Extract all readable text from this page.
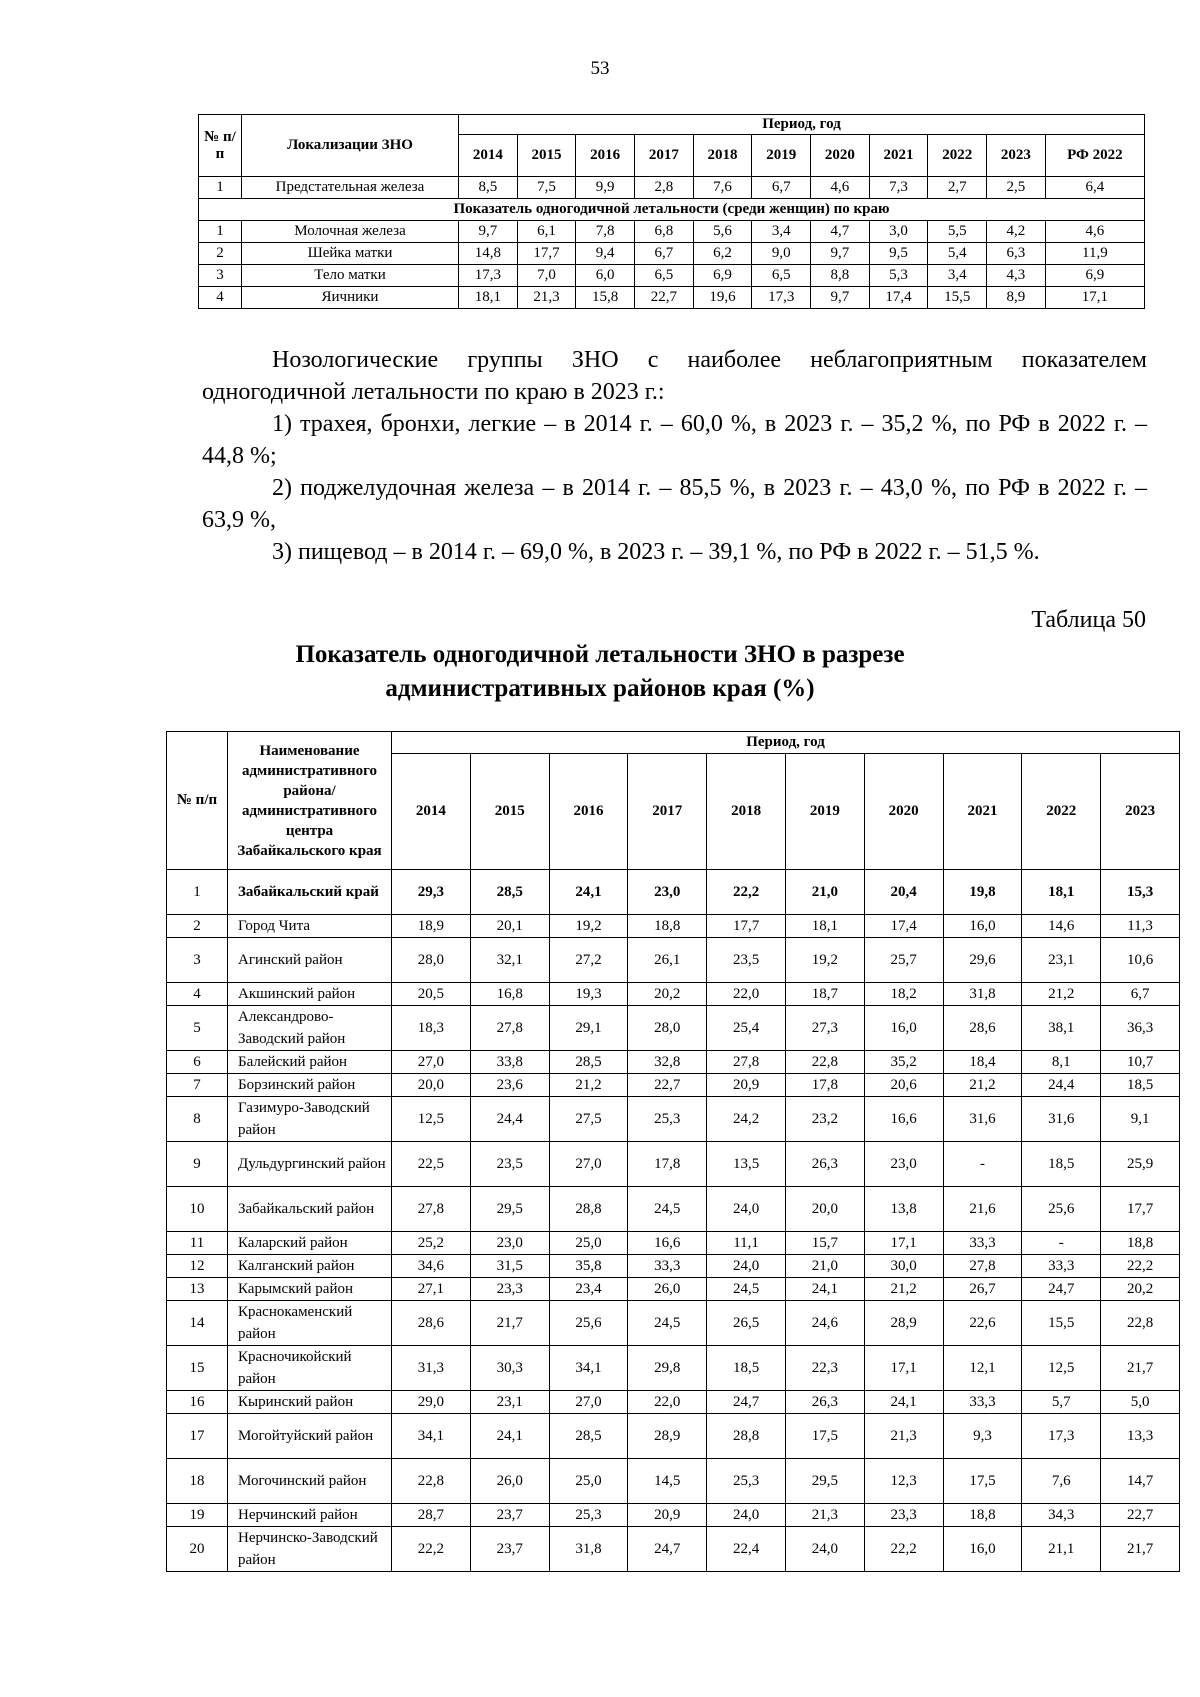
53
№ п/п	Локализации ЗНО	Период, год										
		2014	2015	2016	2017	2018	2019	2020	2021	2022	2023	РФ 2022
1	Предстательная железа	8,5	7,5	9,9	2,8	7,6	6,7	4,6	7,3	2,7	2,5	6,4
Показатель одногодичной летальности (среди женщин) по краю												
1	Молочная железа	9,7	6,1	7,8	6,8	5,6	3,4	4,7	3,0	5,5	4,2	4,6
2	Шейка матки	14,8	17,7	9,4	6,7	6,2	9,0	9,7	9,5	5,4	6,3	11,9
3	Тело матки	17,3	7,0	6,0	6,5	6,9	6,5	8,8	5,3	3,4	4,3	6,9
4	Яичники	18,1	21,3	15,8	22,7	19,6	17,3	9,7	17,4	15,5	8,9	17,1
Нозологические группы ЗНО с наиболее неблагоприятным показателем одногодичной летальности по краю в 2023 г.:
1) трахея, бронхи, легкие – в 2014 г. – 60,0 %, в 2023 г. – 35,2 %, по РФ в 2022 г. – 44,8 %;
2) поджелудочная железа – в 2014 г. – 85,5 %, в 2023 г. – 43,0 %, по РФ в 2022 г. – 63,9 %,
3) пищевод – в 2014 г. – 69,0 %, в 2023 г. – 39,1 %, по РФ в 2022 г. – 51,5 %.
Таблица 50
Показатель одногодичной летальности ЗНО в разрезе
административных районов края (%)
№ п/п	Наименование административного района/ административного центра Забайкальского края	Период, год									
		2014	2015	2016	2017	2018	2019	2020	2021	2022	2023
1	Забайкальский край	29,3	28,5	24,1	23,0	22,2	21,0	20,4	19,8	18,1	15,3
2	Город Чита	18,9	20,1	19,2	18,8	17,7	18,1	17,4	16,0	14,6	11,3
3	Агинский район	28,0	32,1	27,2	26,1	23,5	19,2	25,7	29,6	23,1	10,6
4	Акшинский район	20,5	16,8	19,3	20,2	22,0	18,7	18,2	31,8	21,2	6,7
5	Александрово-Заводский район	18,3	27,8	29,1	28,0	25,4	27,3	16,0	28,6	38,1	36,3
6	Балейский район	27,0	33,8	28,5	32,8	27,8	22,8	35,2	18,4	8,1	10,7
7	Борзинский район	20,0	23,6	21,2	22,7	20,9	17,8	20,6	21,2	24,4	18,5
8	Газимуро-Заводский район	12,5	24,4	27,5	25,3	24,2	23,2	16,6	31,6	31,6	9,1
9	Дульдургинский район	22,5	23,5	27,0	17,8	13,5	26,3	23,0	-	18,5	25,9
10	Забайкальский район	27,8	29,5	28,8	24,5	24,0	20,0	13,8	21,6	25,6	17,7
11	Каларский район	25,2	23,0	25,0	16,6	11,1	15,7	17,1	33,3	-	18,8
12	Калганский район	34,6	31,5	35,8	33,3	24,0	21,0	30,0	27,8	33,3	22,2
13	Карымский район	27,1	23,3	23,4	26,0	24,5	24,1	21,2	26,7	24,7	20,2
14	Краснокаменский район	28,6	21,7	25,6	24,5	26,5	24,6	28,9	22,6	15,5	22,8
15	Красночикойский район	31,3	30,3	34,1	29,8	18,5	22,3	17,1	12,1	12,5	21,7
16	Кыринский район	29,0	23,1	27,0	22,0	24,7	26,3	24,1	33,3	5,7	5,0
17	Могойтуйский район	34,1	24,1	28,5	28,9	28,8	17,5	21,3	9,3	17,3	13,3
18	Могочинский район	22,8	26,0	25,0	14,5	25,3	29,5	12,3	17,5	7,6	14,7
19	Нерчинский район	28,7	23,7	25,3	20,9	24,0	21,3	23,3	18,8	34,3	22,7
20	Нерчинско-Заводский район	22,2	23,7	31,8	24,7	22,4	24,0	22,2	16,0	21,1	21,7
